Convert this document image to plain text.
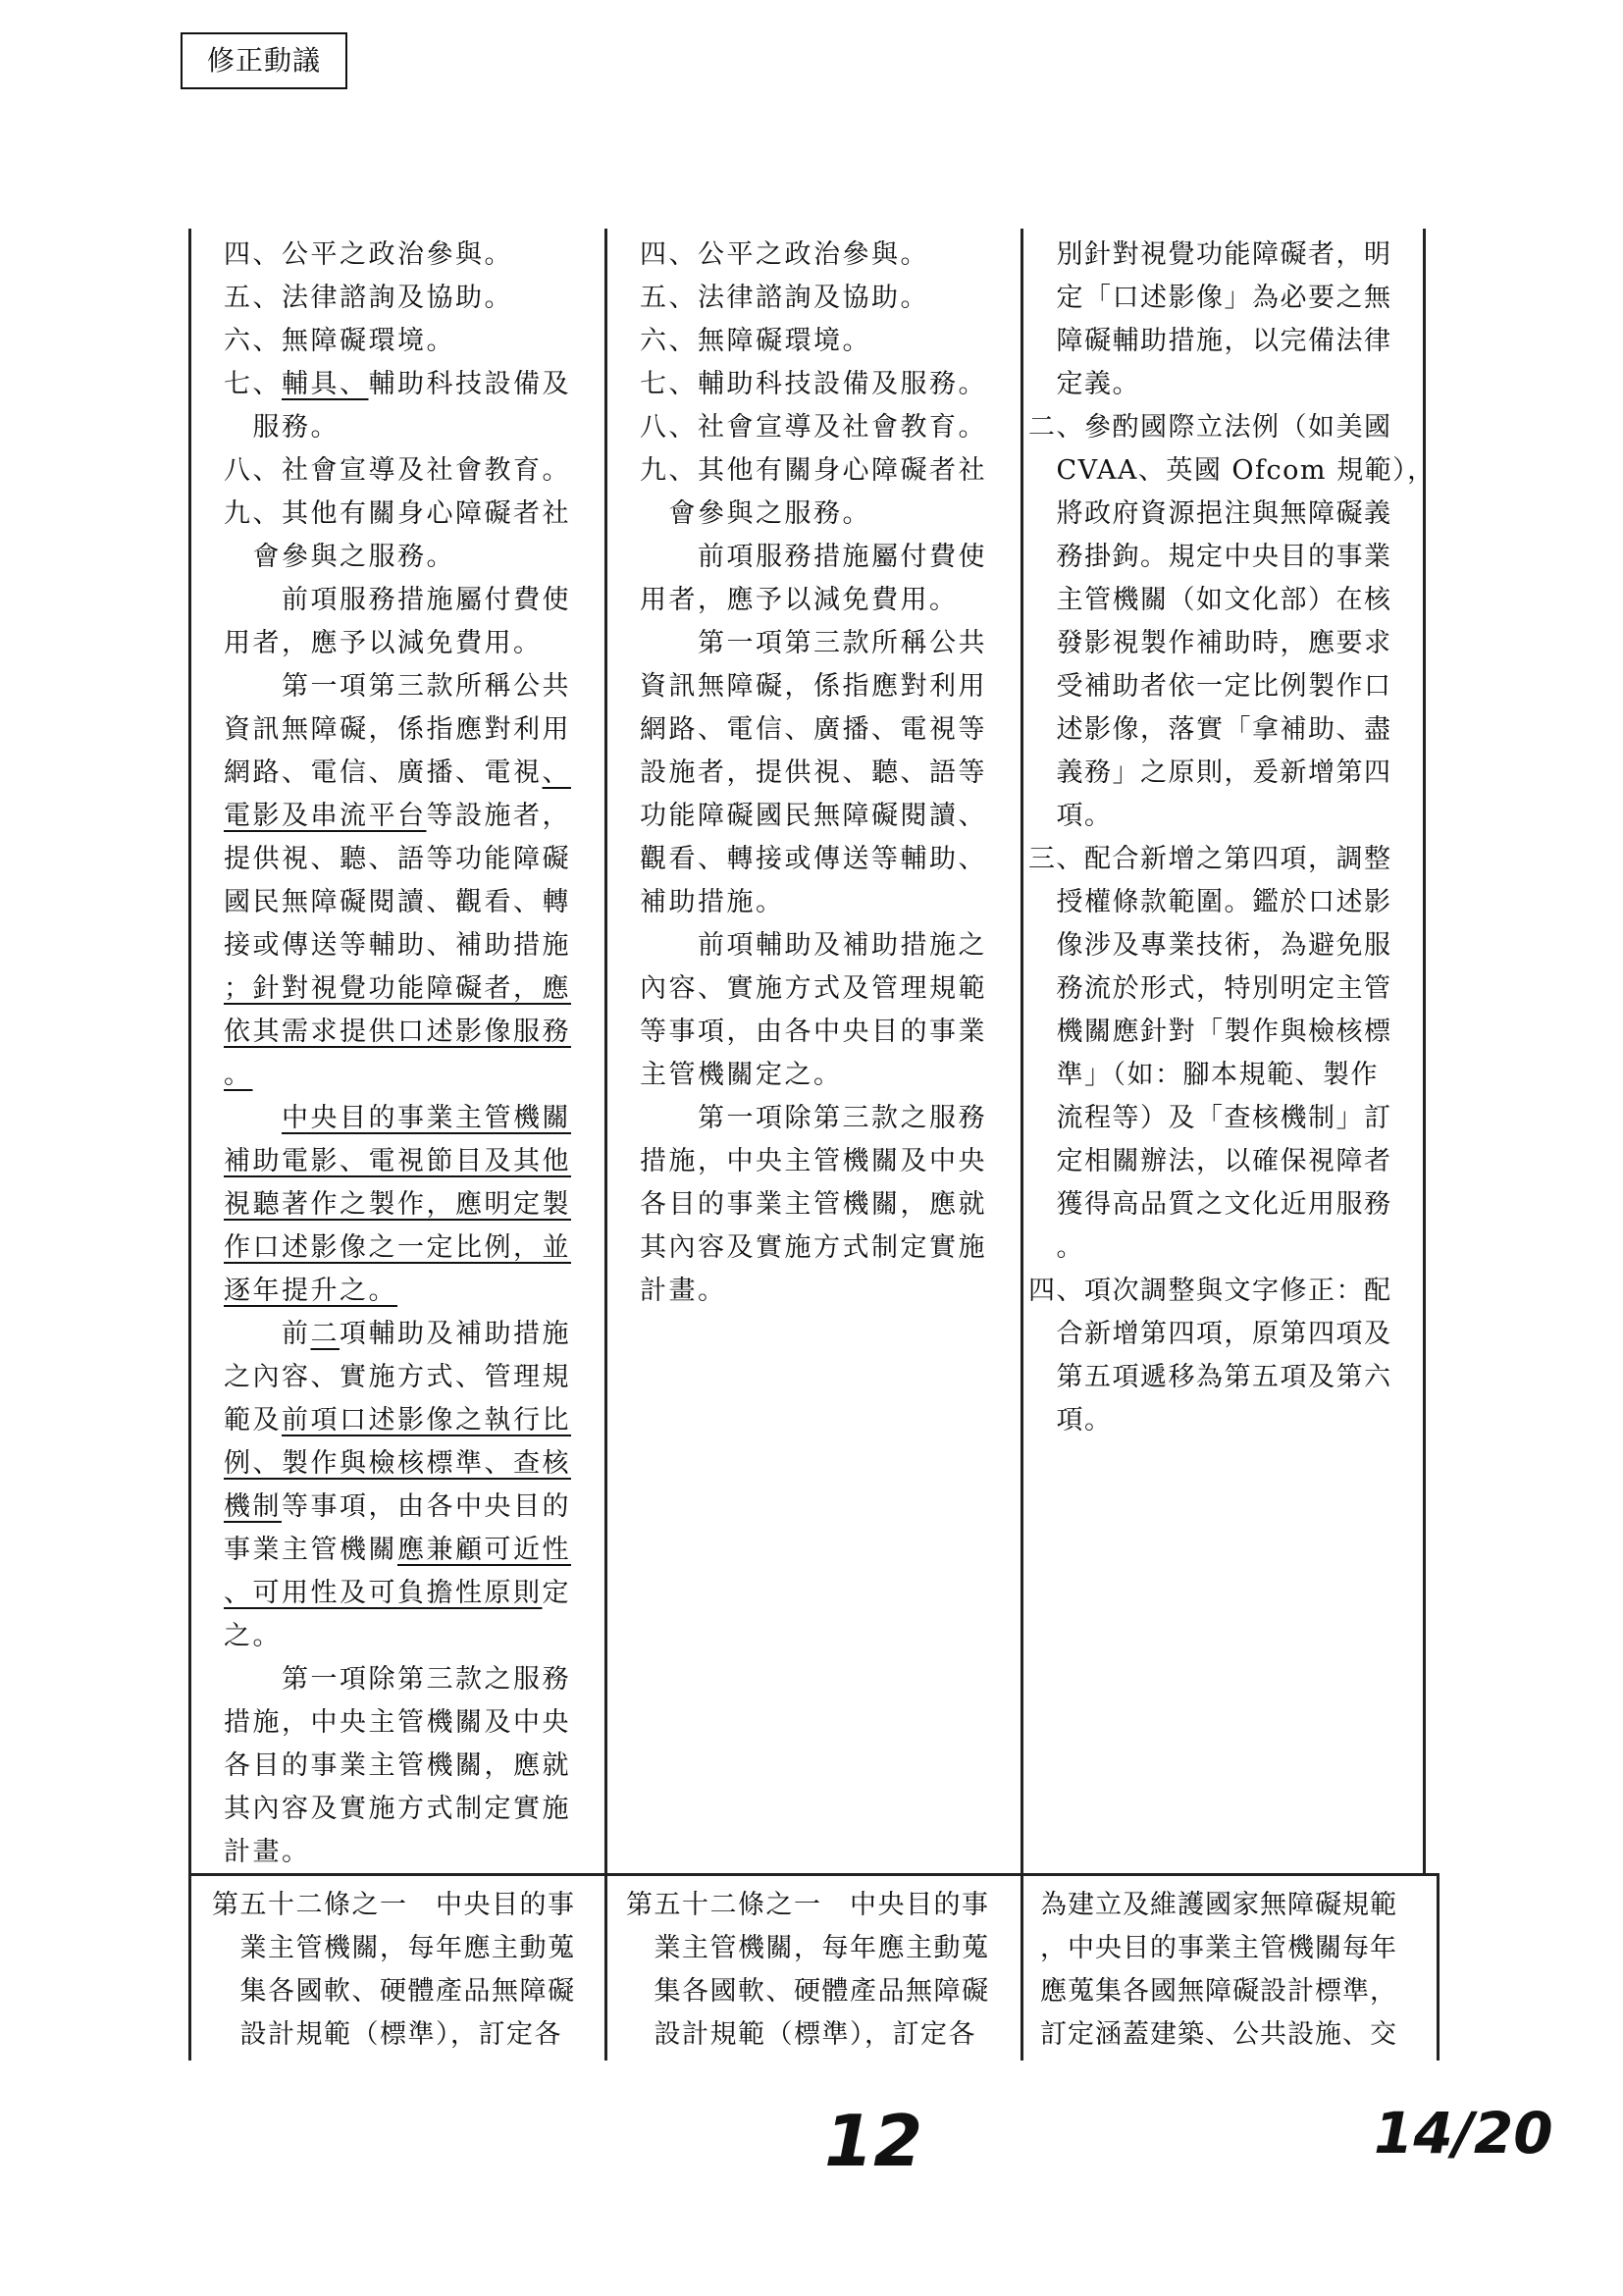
修正動議
四、公平之政治參與。
五、法律諮詢及協助。
六、無障礙環境。
七、輔具、輔助科技設備及
　服務。
八、社會宣導及社會教育。
九、其他有關身心障礙者社
　會參與之服務。
　　前項服務措施屬付費使
用者，應予以減免費用。
　　第一項第三款所稱公共
資訊無障礙，係指應對利用
網路、電信、廣播、電視、
電影及串流平台等設施者，
提供視、聽、語等功能障礙
國民無障礙閱讀、觀看、轉
接或傳送等輔助、補助措施
；針對視覺功能障礙者，應
依其需求提供口述影像服務
。
　　中央目的事業主管機關
補助電影、電視節目及其他
視聽著作之製作，應明定製
作口述影像之一定比例，並
逐年提升之。
　　前二項輔助及補助措施
之內容、實施方式、管理規
範及前項口述影像之執行比
例、製作與檢核標準、查核
機制等事項，由各中央目的
事業主管機關應兼顧可近性
、可用性及可負擔性原則定
之。
　　第一項除第三款之服務
措施，中央主管機關及中央
各目的事業主管機關，應就
其內容及實施方式制定實施
計畫。
四、公平之政治參與。
五、法律諮詢及協助。
六、無障礙環境。
七、輔助科技設備及服務。
八、社會宣導及社會教育。
九、其他有關身心障礙者社
　會參與之服務。
　　前項服務措施屬付費使
用者，應予以減免費用。
　　第一項第三款所稱公共
資訊無障礙，係指應對利用
網路、電信、廣播、電視等
設施者，提供視、聽、語等
功能障礙國民無障礙閱讀、
觀看、轉接或傳送等輔助、
補助措施。
　　前項輔助及補助措施之
內容、實施方式及管理規範
等事項，由各中央目的事業
主管機關定之。
　　第一項除第三款之服務
措施，中央主管機關及中央
各目的事業主管機關，應就
其內容及實施方式制定實施
計畫。
　別針對視覺功能障礙者，明
　定「口述影像」為必要之無
　障礙輔助措施，以完備法律
　定義。
二、參酌國際立法例（如美國
　CVAA、英國 Ofcom 規範），
　將政府資源挹注與無障礙義
　務掛鉤。規定中央目的事業
　主管機關（如文化部）在核
　發影視製作補助時，應要求
　受補助者依一定比例製作口
　述影像，落實「拿補助、盡
　義務」之原則，爰新增第四
　項。
三、配合新增之第四項，調整
　授權條款範圍。鑑於口述影
　像涉及專業技術，為避免服
　務流於形式，特別明定主管
　機關應針對「製作與檢核標
　準」（如：腳本規範、製作
　流程等）及「查核機制」訂
　定相關辦法，以確保視障者
　獲得高品質之文化近用服務
　。
四、項次調整與文字修正：配
　合新增第四項，原第四項及
　第五項遞移為第五項及第六
　項。
第五十二條之一　中央目的事
　業主管機關，每年應主動蒐
　集各國軟、硬體產品無障礙
　設計規範（標準），訂定各
第五十二條之一　中央目的事
　業主管機關，每年應主動蒐
　集各國軟、硬體產品無障礙
　設計規範（標準），訂定各
為建立及維護國家無障礙規範
，中央目的事業主管機關每年
應蒐集各國無障礙設計標準，
訂定涵蓋建築、公共設施、交
12	14/20
